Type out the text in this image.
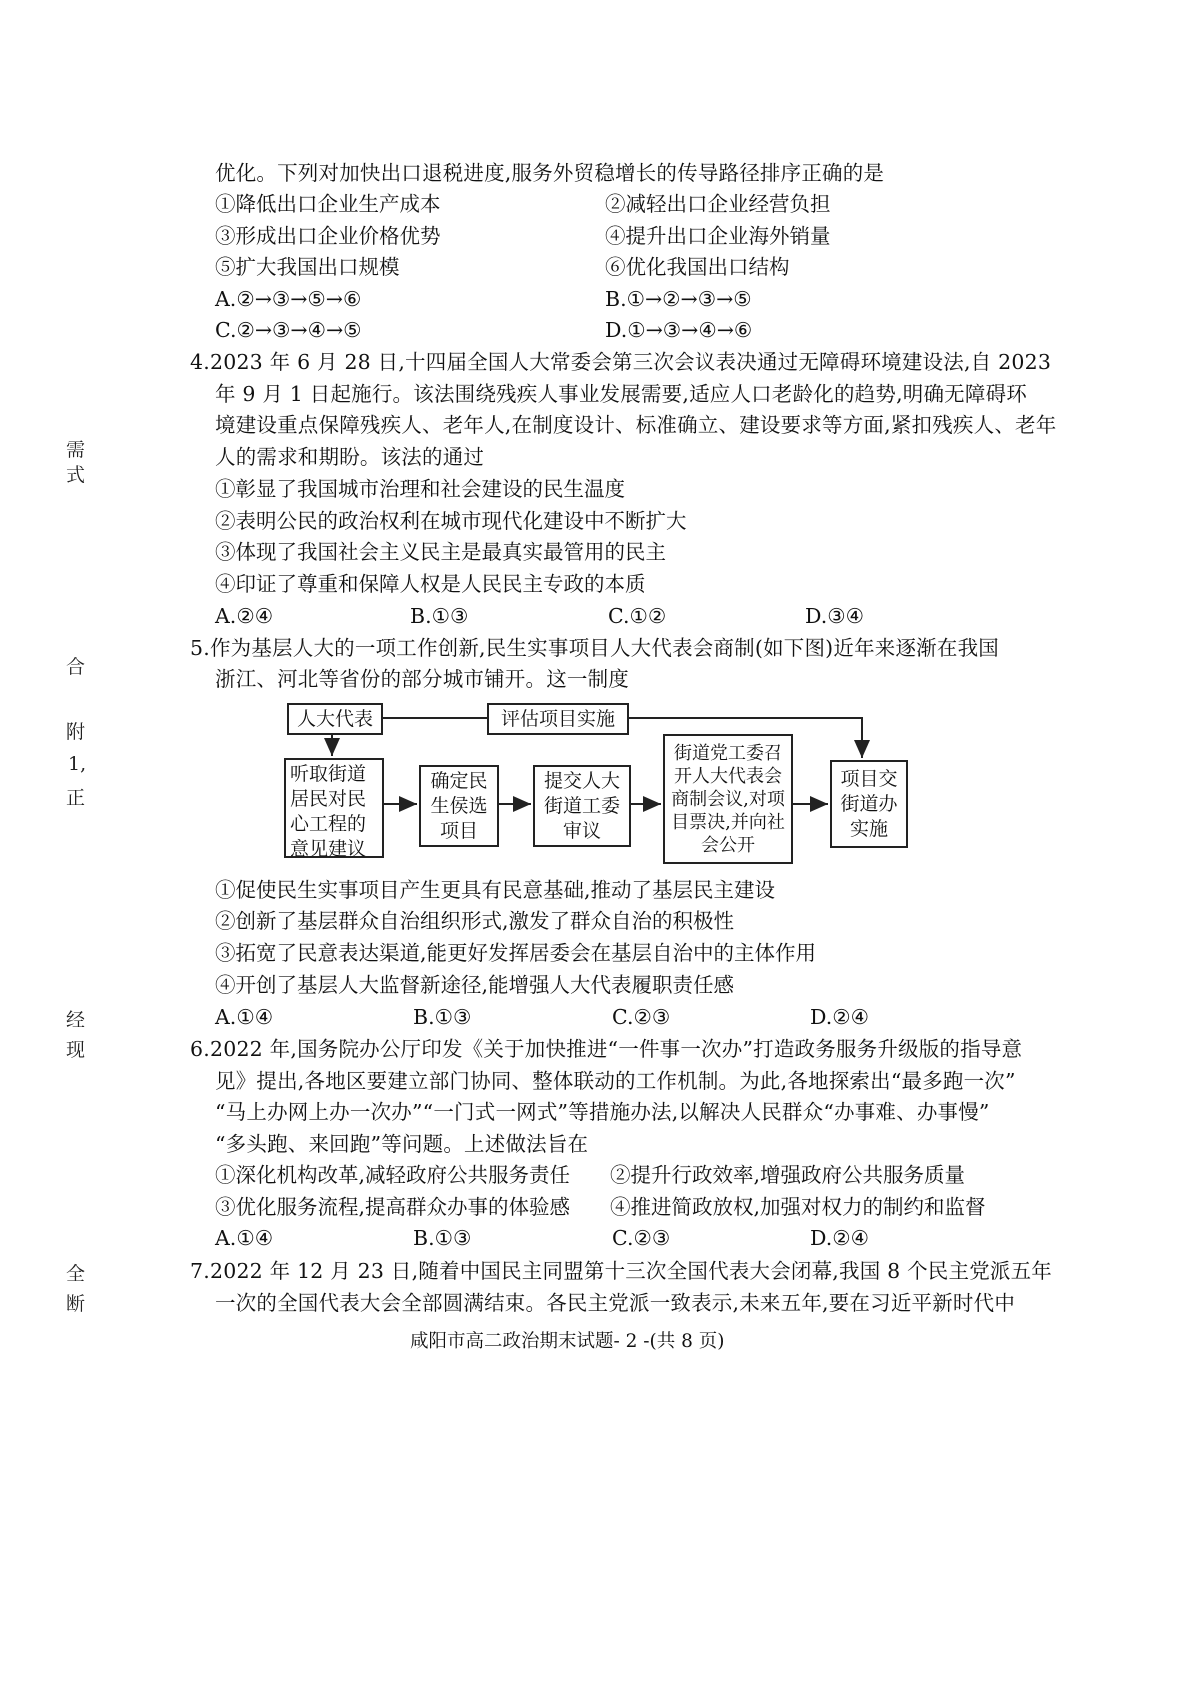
优化。下列对加快出口退税进度,服务外贸稳增长的传导路径排序正确的是
①降低出口企业生产成本	②减轻出口企业经营负担
③形成出口企业价格优势	④提升出口企业海外销量
⑤扩大我国出口规模	⑥优化我国出口结构
A.②→③→⑤→⑥	B.①→②→③→⑤
C.②→③→④→⑤	D.①→③→④→⑥
4.2023 年 6 月 28 日,十四届全国人大常委会第三次会议表决通过无障碍环境建设法,自 2023
年 9 月 1 日起施行。该法围绕残疾人事业发展需要,适应人口老龄化的趋势,明确无障碍环
境建设重点保障残疾人、老年人,在制度设计、标准确立、建设要求等方面,紧扣残疾人、老年
人的需求和期盼。该法的通过
①彰显了我国城市治理和社会建设的民生温度
②表明公民的政治权利在城市现代化建设中不断扩大
③体现了我国社会主义民主是最真实最管用的民主
④印证了尊重和保障人权是人民民主专政的本质
A.②④	B.①③	C.①②	D.③④
5.作为基层人大的一项工作创新,民生实事项目人大代表会商制(如下图)近年来逐渐在我国
浙江、河北等省份的部分城市铺开。这一制度
人大代表	评估项目实施
听取街道
居民对民
心工程的
意见建议
确定民
生侯选
项目
提交人大
街道工委
审议
街道党工委召
开人大代表会
商制会议,对项
目票决,并向社
会公开
项目交
街道办
实施
①促使民生实事项目产生更具有民意基础,推动了基层民主建设
②创新了基层群众自治组织形式,激发了群众自治的积极性
③拓宽了民意表达渠道,能更好发挥居委会在基层自治中的主体作用
④开创了基层人大监督新途径,能增强人大代表履职责任感
A.①④	B.①③	C.②③	D.②④
6.2022 年,国务院办公厅印发《关于加快推进“一件事一次办”打造政务服务升级版的指导意
见》提出,各地区要建立部门协同、整体联动的工作机制。为此,各地探索出“最多跑一次”
“马上办网上办一次办”“一门式一网式”等措施办法,以解决人民群众“办事难、办事慢”
“多头跑、来回跑”等问题。上述做法旨在
①深化机构改革,减轻政府公共服务责任 ②提升行政效率,增强政府公共服务质量
③优化服务流程,提高群众办事的体验感 ④推进简政放权,加强对权力的制约和监督
A.①④	B.①③	C.②③	D.②④
7.2022 年 12 月 23 日,随着中国民主同盟第十三次全国代表大会闭幕,我国 8 个民主党派五年
一次的全国代表大会全部圆满结束。各民主党派一致表示,未来五年,要在习近平新时代中
需
式
合
附
1,
正
经
现
全
断
咸阳市高二政治期末试题- 2 -(共 8 页)
